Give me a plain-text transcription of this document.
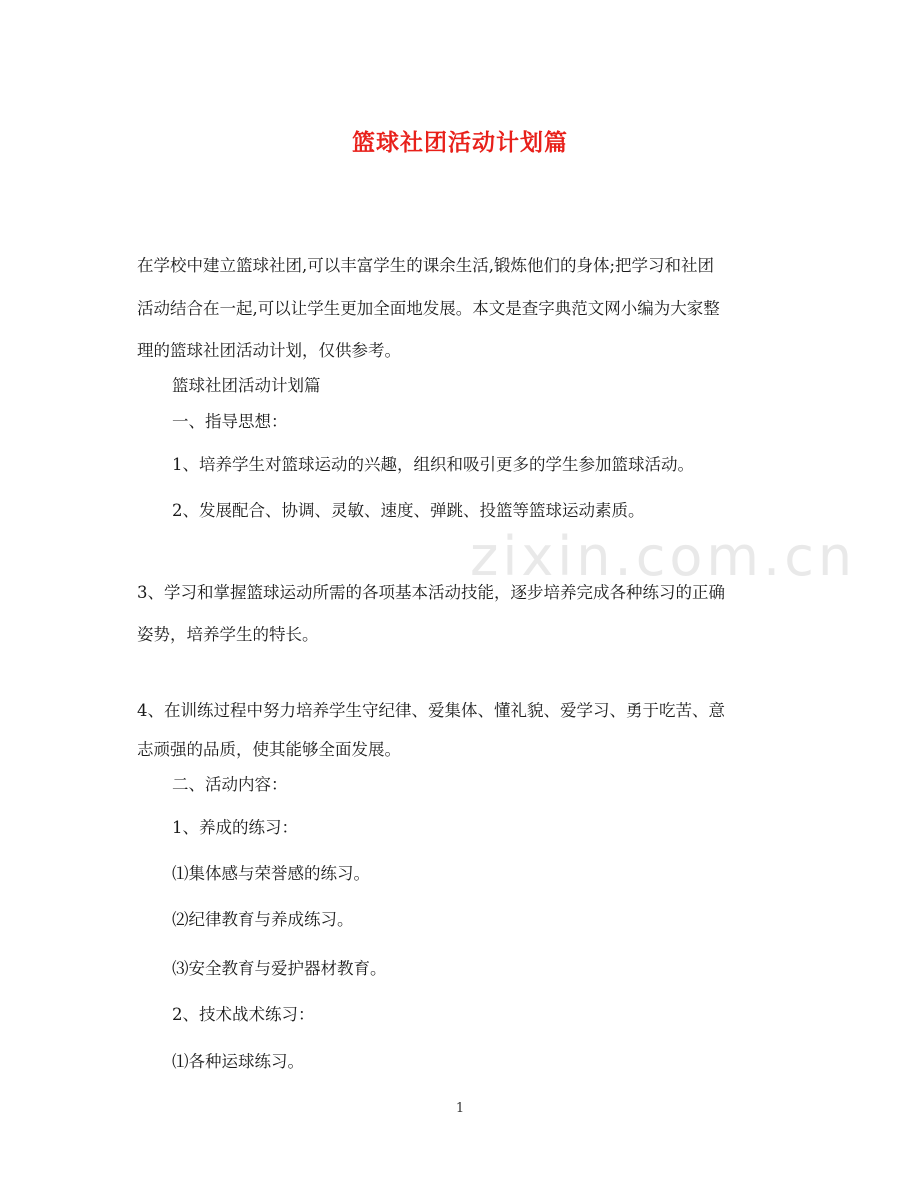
篮球社团活动计划篇
在学校中建立篮球社团,可以丰富学生的课余生活,锻炼他们的身体;把学习和社团
活动结合在一起,可以让学生更加全面地发展。本文是查字典范文网小编为大家整
理的篮球社团活动计划，仅供参考。
篮球社团活动计划篇
一、指导思想：
1、培养学生对篮球运动的兴趣，组织和吸引更多的学生参加篮球活动。
2、发展配合、协调、灵敏、速度、弹跳、投篮等篮球运动素质。
zixin.com.cn
3、学习和掌握篮球运动所需的各项基本活动技能，逐步培养完成各种练习的正确
姿势，培养学生的特长。
4、在训练过程中努力培养学生守纪律、爱集体、懂礼貌、爱学习、勇于吃苦、意
志顽强的品质，使其能够全面发展。
二、活动内容：
1、养成的练习：
⑴集体感与荣誉感的练习。
⑵纪律教育与养成练习。
⑶安全教育与爱护器材教育。
2、技术战术练习：
⑴各种运球练习。
1
